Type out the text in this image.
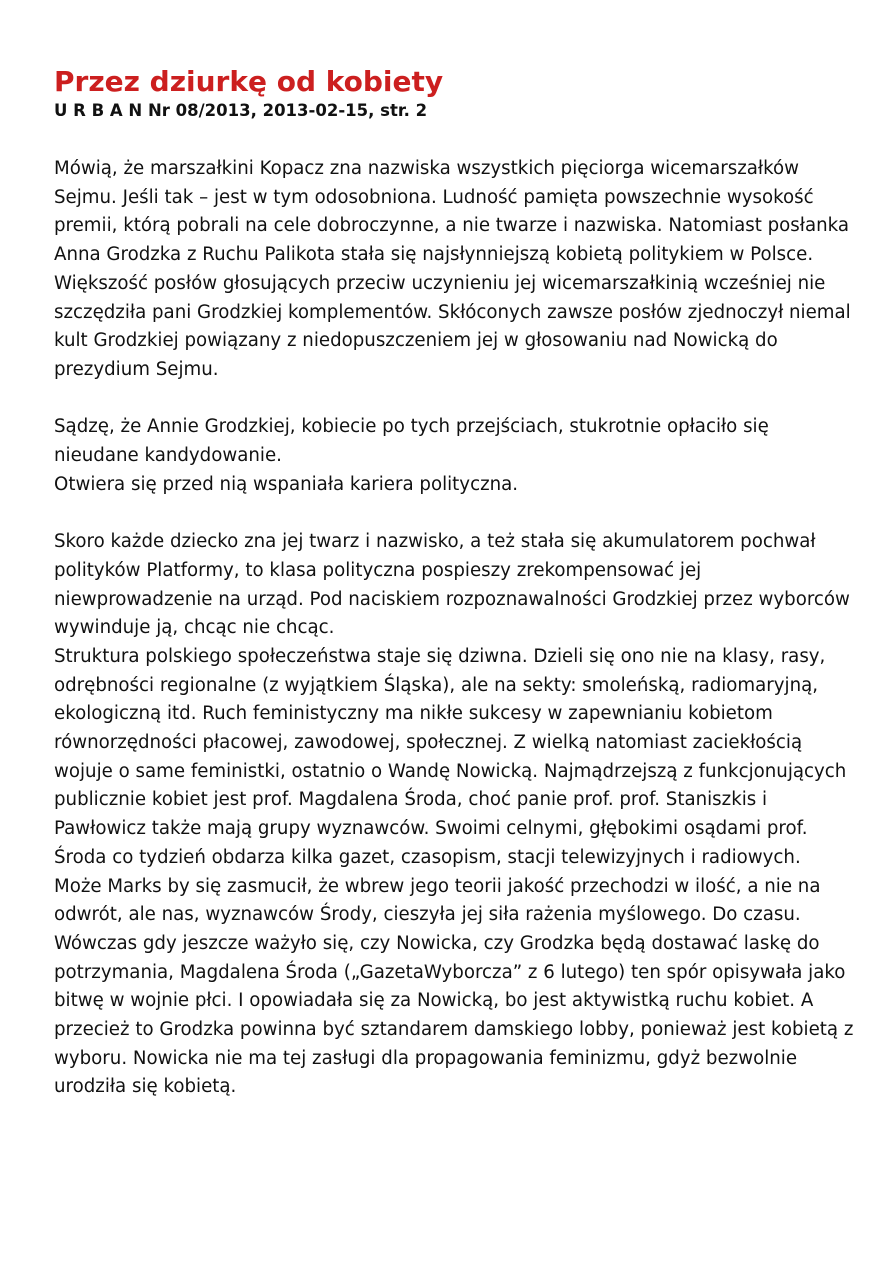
Przez dziurkę od kobiety
U R B A N Nr 08/2013, 2013-02-15, str. 2

Mówią, że marszałkini Kopacz zna nazwiska wszystkich pięciorga wicemarszałków Sejmu. Jeśli tak – jest w tym odosobniona. Ludność pamięta powszechnie wysokość premii, którą pobrali na cele dobroczynne, a nie twarze i nazwiska. Natomiast posłanka Anna Grodzka z Ruchu Palikota stała się najsłynniejszą kobietą politykiem w Polsce. Większość posłów głosujących przeciw uczynieniu jej wicemarszałkinią wcześniej nie szczędziła pani Grodzkiej komplementów. Skłóconych zawsze posłów zjednoczył niemal kult Grodzkiej powiązany z niedopuszczeniem jej w głosowaniu nad Nowicką do prezydium Sejmu.

Sądzę, że Annie Grodzkiej, kobiecie po tych przejściach, stukrotnie opłaciło się nieudane kandydowanie.

Otwiera się przed nią wspaniała kariera polityczna.

Skoro każde dziecko zna jej twarz i nazwisko, a też stała się akumulatorem pochwał polityków Platformy, to klasa polityczna pospieszy zrekompensować jej niewprowadzenie na urząd. Pod naciskiem rozpoznawalności Grodzkiej przez wyborców wywinduje ją, chcąc nie chcąc.

Struktura polskiego społeczeństwa staje się dziwna. Dzieli się ono nie na klasy, rasy, odrębności regionalne (z wyjątkiem Śląska), ale na sekty: smoleńską, radiomaryjną, ekologiczną itd. Ruch feministyczny ma nikłe sukcesy w zapewnianiu kobietom równorzędności płacowej, zawodowej, społecznej. Z wielką natomiast zaciekłością wojuje o same feministki, ostatnio o Wandę Nowicką. Najmądrzejszą z funkcjonujących publicznie kobiet jest prof. Magdalena Środa, choć panie prof. prof. Staniszkis i Pawłowicz także mają grupy wyznawców. Swoimi celnymi, głębokimi osądami prof. Środa co tydzień obdarza kilka gazet, czasopism, stacji telewizyjnych i radiowych. Może Marks by się zasmucił, że wbrew jego teorii jakość przechodzi w ilość, a nie na odwrót, ale nas, wyznawców Środy, cieszyła jej siła rażenia myślowego. Do czasu.

Wówczas gdy jeszcze ważyło się, czy Nowicka, czy Grodzka będą dostawać laskę do potrzymania, Magdalena Środa („GazetaWyborcza” z 6 lutego) ten spór opisywała jako bitwę w wojnie płci. I opowiadała się za Nowicką, bo jest aktywistką ruchu kobiet. A przecież to Grodzka powinna być sztandarem damskiego lobby, ponieważ jest kobietą z wyboru. Nowicka nie ma tej zasługi dla propagowania feminizmu, gdyż bezwolnie urodziła się kobietą.
